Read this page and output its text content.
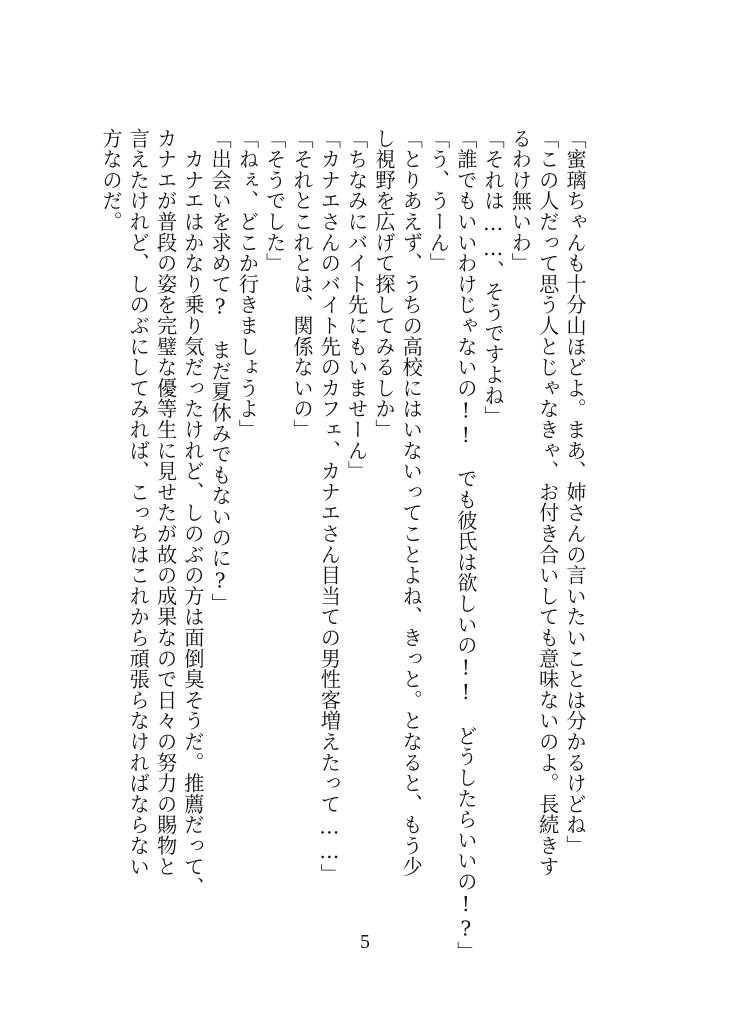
「蜜璃ちゃんも十分山ほどよ。まあ、姉さんの言いたいことは分かるけどね」
「この人だって思う人とじゃなきゃ、お付き合いしても意味ないのよ。長続きす
るわけ無いわ」
「それは……、そうですよね」
「誰でもいいわけじゃないの!!　でも彼氏は欲しいの!!　どうしたらいいの!?」
「う、うーん」
「とりあえず、うちの高校にはいないってことよね、きっと。となると、もう少
し視野を広げて探してみるしか」
「ちなみにバイト先にもいませーん」
「カナエさんのバイト先のカフェ、カナエさん目当ての男性客増えたって……」
「それとこれとは、関係ないの」
「そうでした」
「ねぇ、どこか行きましょうよ」
「出会いを求めて?　まだ夏休みでもないのに?」
　カナエはかなり乗り気だったけれど、しのぶの方は面倒臭そうだ。推薦だって、
カナエが普段の姿を完璧な優等生に見せたが故の成果なので日々の努力の賜物と
言えたけれど、しのぶにしてみれば、こっちはこれから頑張らなければならない
方なのだ。
5
